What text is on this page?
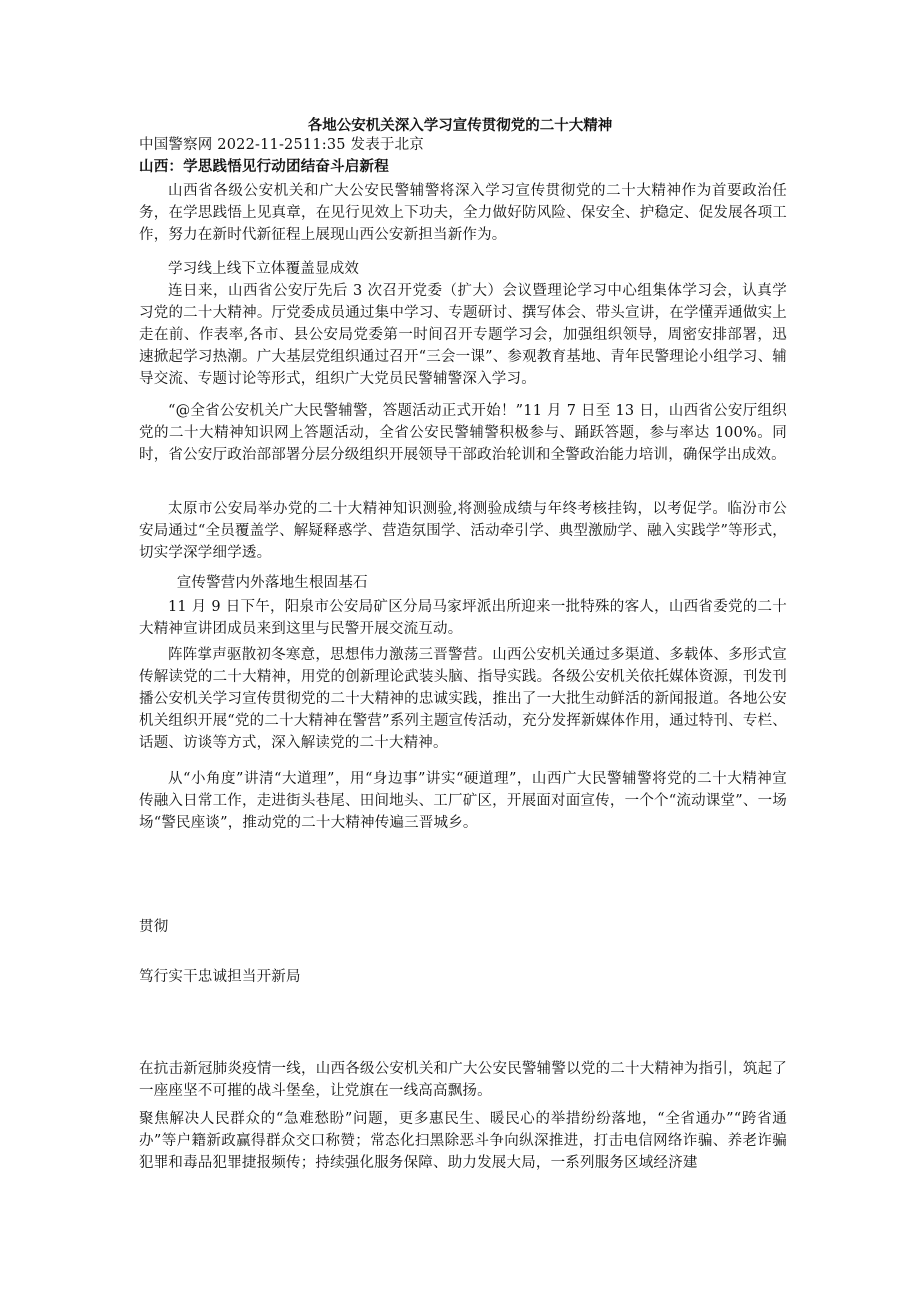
各地公安机关深入学习宣传贯彻党的二十大精神
中国警察网 2022-11-2511:35 发表于北京
山西：学思践悟见行动团结奋斗启新程
山西省各级公安机关和广大公安民警辅警将深入学习宣传贯彻党的二十大精神作为首要政治任务，在学思践悟上见真章，在见行见效上下功夫，全力做好防风险、保安全、护稳定、促发展各项工作，努力在新时代新征程上展现山西公安新担当新作为。
学习线上线下立体覆盖显成效
连日来，山西省公安厅先后 3 次召开党委（扩大）会议暨理论学习中心组集体学习会，认真学习党的二十大精神。厅党委成员通过集中学习、专题研讨、撰写体会、带头宣讲，在学懂弄通做实上走在前、作表率,各市、县公安局党委第一时间召开专题学习会，加强组织领导，周密安排部署，迅速掀起学习热潮。广大基层党组织通过召开“三会一课”、参观教育基地、青年民警理论小组学习、辅导交流、专题讨论等形式，组织广大党员民警辅警深入学习。
“@全省公安机关广大民警辅警，答题活动正式开始！”11 月 7 日至 13 日，山西省公安厅组织党的二十大精神知识网上答题活动，全省公安民警辅警积极参与、踊跃答题，参与率达 100%。同时，省公安厅政治部部署分层分级组织开展领导干部政治轮训和全警政治能力培训，确保学出成效。
太原市公安局举办党的二十大精神知识测验,将测验成绩与年终考核挂钩，以考促学。临汾市公安局通过“全员覆盖学、解疑释惑学、营造氛围学、活动牵引学、典型激励学、融入实践学”等形式，切实学深学细学透。
宣传警营内外落地生根固基石
11 月 9 日下午，阳泉市公安局矿区分局马家坪派出所迎来一批特殊的客人，山西省委党的二十大精神宣讲团成员来到这里与民警开展交流互动。
阵阵掌声驱散初冬寒意，思想伟力激荡三晋警营。山西公安机关通过多渠道、多载体、多形式宣传解读党的二十大精神，用党的创新理论武装头脑、指导实践。各级公安机关依托媒体资源，刊发刊播公安机关学习宣传贯彻党的二十大精神的忠诚实践，推出了一大批生动鲜活的新闻报道。各地公安机关组织开展“党的二十大精神在警营”系列主题宣传活动，充分发挥新媒体作用，通过特刊、专栏、话题、访谈等方式，深入解读党的二十大精神。
从“小角度”讲清“大道理”，用“身边事”讲实“硬道理”，山西广大民警辅警将党的二十大精神宣传融入日常工作，走进街头巷尾、田间地头、工厂矿区，开展面对面宣传，一个个“流动课堂”、一场场“警民座谈”，推动党的二十大精神传遍三晋城乡。
贯彻
笃行实干忠诚担当开新局
在抗击新冠肺炎疫情一线，山西各级公安机关和广大公安民警辅警以党的二十大精神为指引，筑起了一座座坚不可摧的战斗堡垒，让党旗在一线高高飘扬。
聚焦解决人民群众的“急难愁盼”问题，更多惠民生、暖民心的举措纷纷落地，“全省通办”“跨省通办”等户籍新政赢得群众交口称赞；常态化扫黑除恶斗争向纵深推进，打击电信网络诈骗、养老诈骗犯罪和毒品犯罪捷报频传；持续强化服务保障、助力发展大局，一系列服务区域经济建
